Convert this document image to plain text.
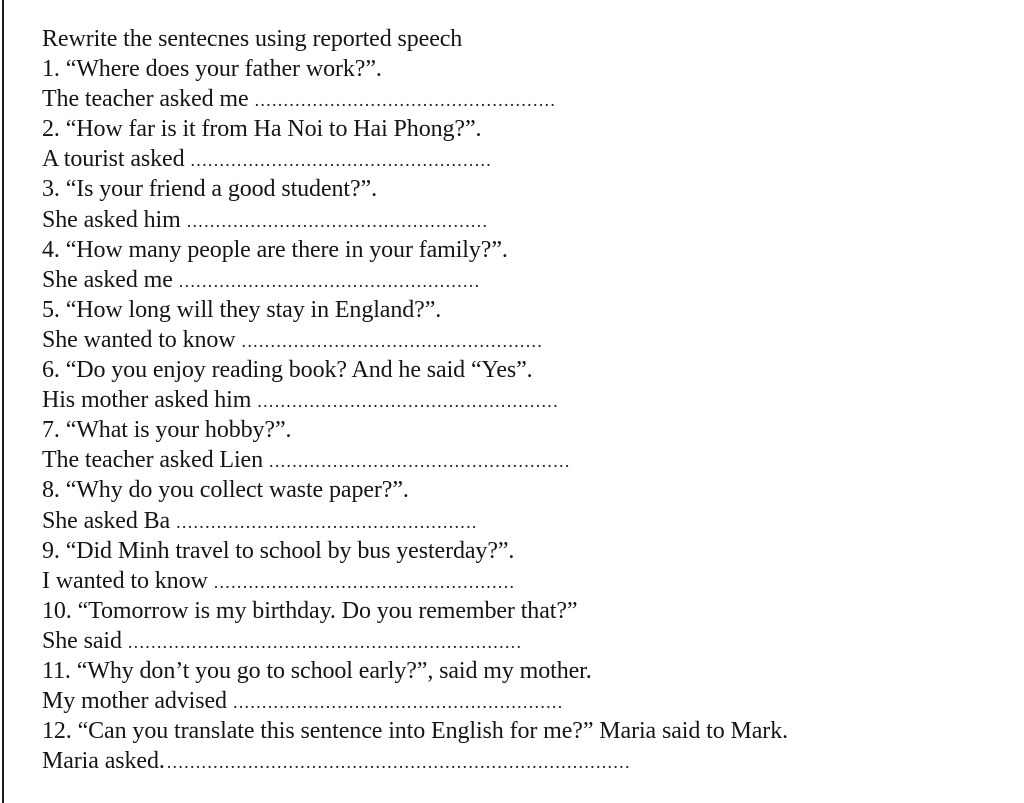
Rewrite the sentecnes using reported speech
1. “Where does your father work?”.
The teacher asked me ....................................................
2. “How far is it from Ha Noi to Hai Phong?”.
A tourist asked ....................................................
3. “Is your friend a good student?”.
She asked him ....................................................
4. “How many people are there in your family?”.
She asked me ....................................................
5. “How long will they stay in England?”.
She wanted to know ....................................................
6. “Do you enjoy reading book? And he said “Yes”.
His mother asked him ....................................................
7. “What is your hobby?”.
The teacher asked Lien ....................................................
8. “Why do you collect waste paper?”.
She asked Ba ....................................................
9. “Did Minh travel to school by bus yesterday?”.
I wanted to know ....................................................
10. “Tomorrow is my birthday. Do you remember that?”
She said ....................................................................
11. “Why don’t you go to school early?”, said my mother.
My mother advised .........................................................
12. “Can you translate this sentence into English for me?” Maria said to Mark.
Maria asked. ................................................................................
